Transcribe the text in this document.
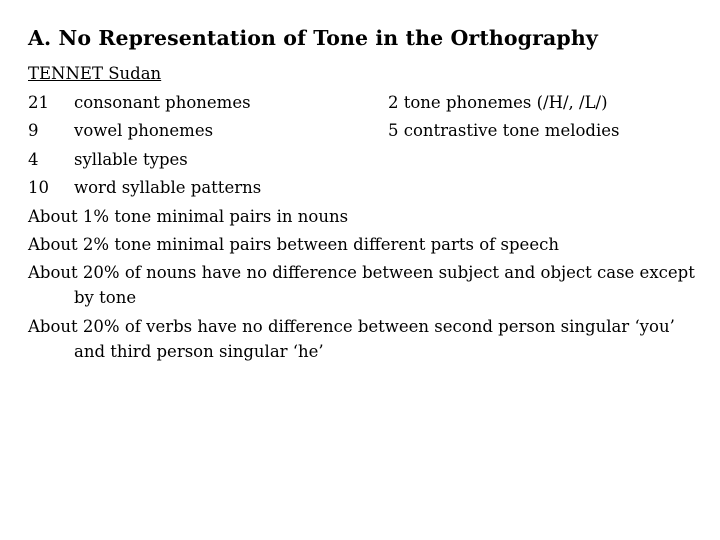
A. No Representation of Tone in the Orthography
TENNET Sudan
21 consonant phonemes	2 tone phonemes (/H/, /L/)
9 vowel phonemes	5 contrastive tone melodies
4 syllable types
10 word syllable patterns
About 1% tone minimal pairs in nouns
About 2% tone minimal pairs between different parts of speech
About 20% of nouns have no difference between subject and object case except by tone
About 20% of verbs have no difference between second person singular ‘you’ and third person singular ‘he’
